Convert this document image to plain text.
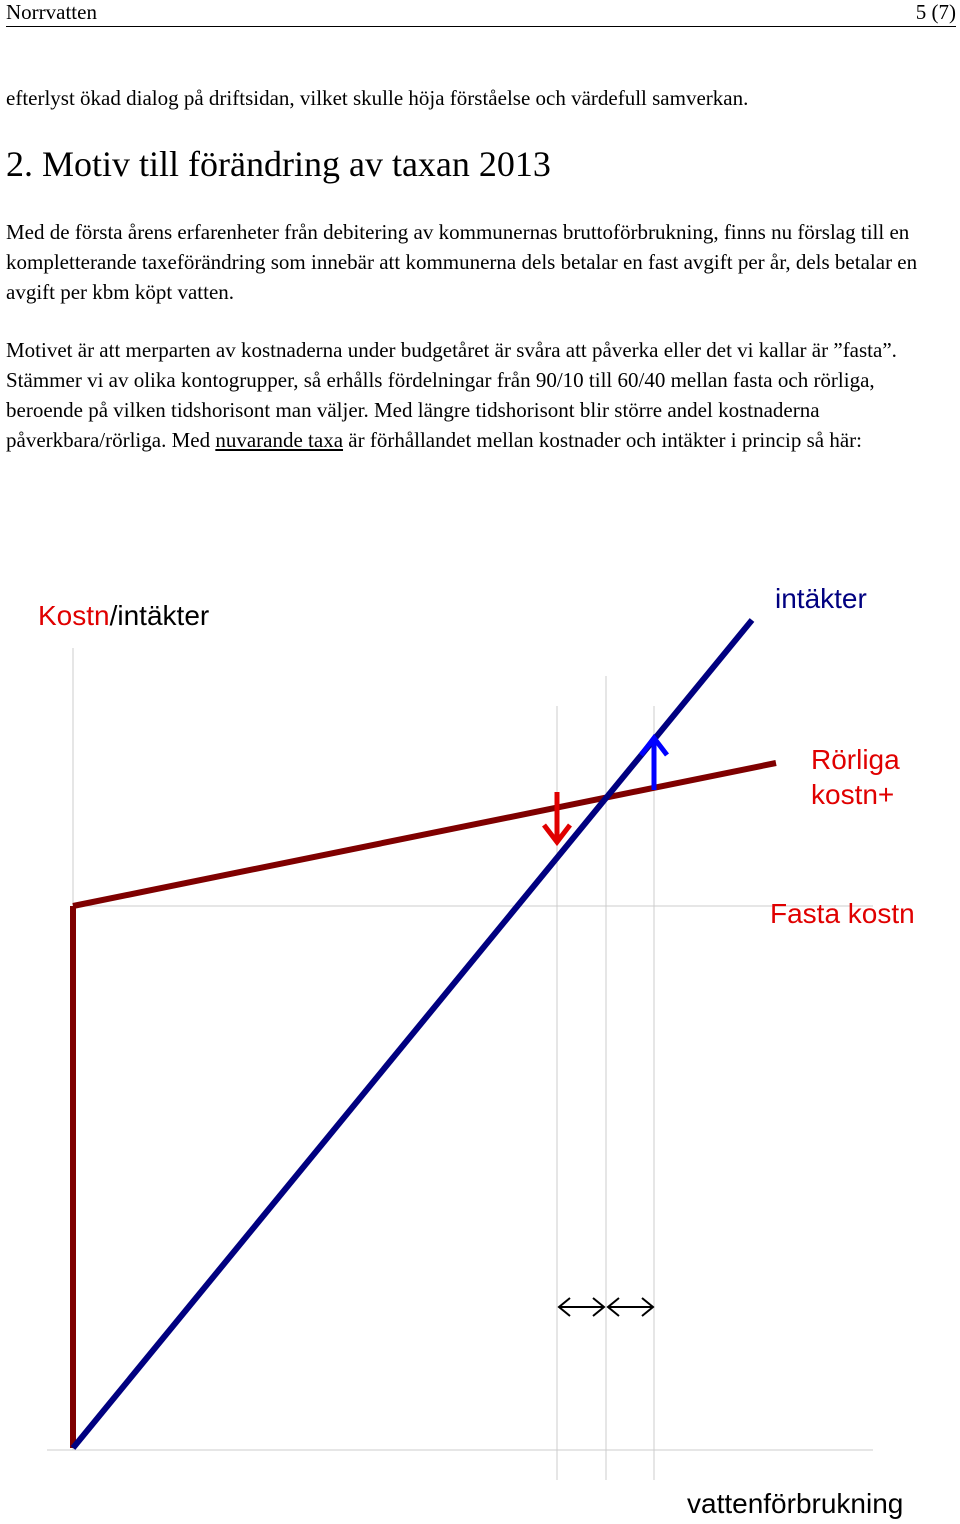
Norrvatten	5 (7)

efterlyst ökad dialog på driftsidan, vilket skulle höja förståelse och värdefull samverkan.

2. Motiv till förändring av taxan 2013

Med de första årens erfarenheter från debitering av kommunernas bruttoförbrukning, finns nu förslag till en kompletterande taxeförändring som innebär att kommunerna dels betalar en fast avgift per år, dels betalar en avgift per kbm köpt vatten.

Motivet är att merparten av kostnaderna under budgetåret är svåra att påverka eller det vi kallar är ”fasta”. Stämmer vi av olika kontogrupper, så erhålls fördelningar från 90/10 till 60/40 mellan fasta och rörliga, beroende på vilken tidshorisont man väljer. Med längre tidshorisont blir större andel kostnaderna påverkbara/rörliga. Med nuvarande taxa är förhållandet mellan kostnader och intäkter i princip så här:

Kostn/intäkter
intäkter
Rörliga
kostn+
Fasta kostn
vattenförbrukning
